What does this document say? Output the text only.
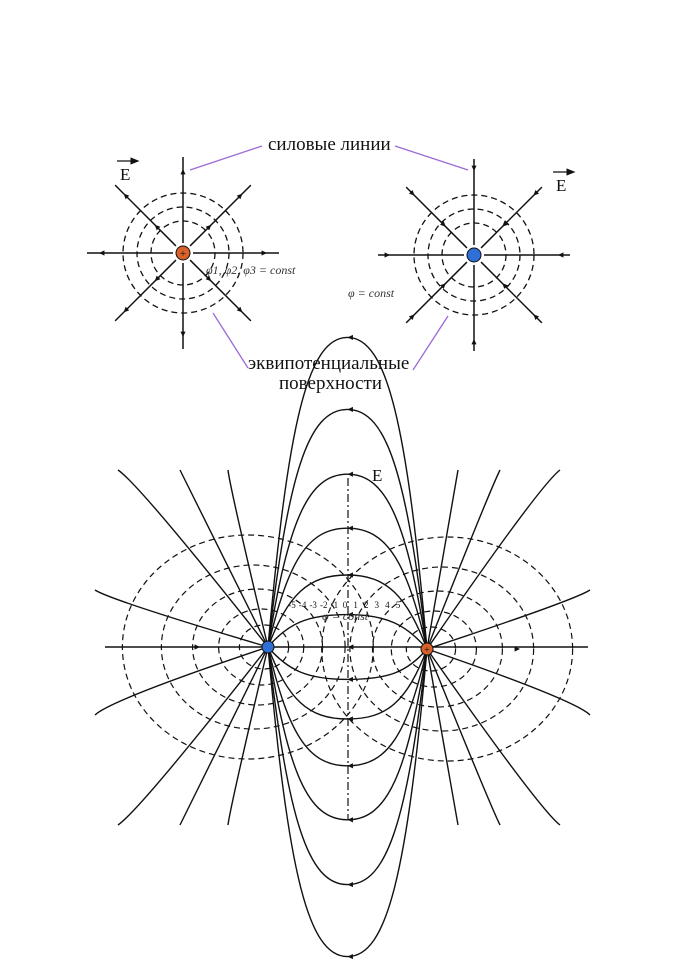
+
-5 -4 -3 -2 -1 0 1 2 3 4 5
+
силовые линии
эквипотенциальные
поверхности
E
E
E
φ1, φ2, φ3 = const
φ = const
φ = const
